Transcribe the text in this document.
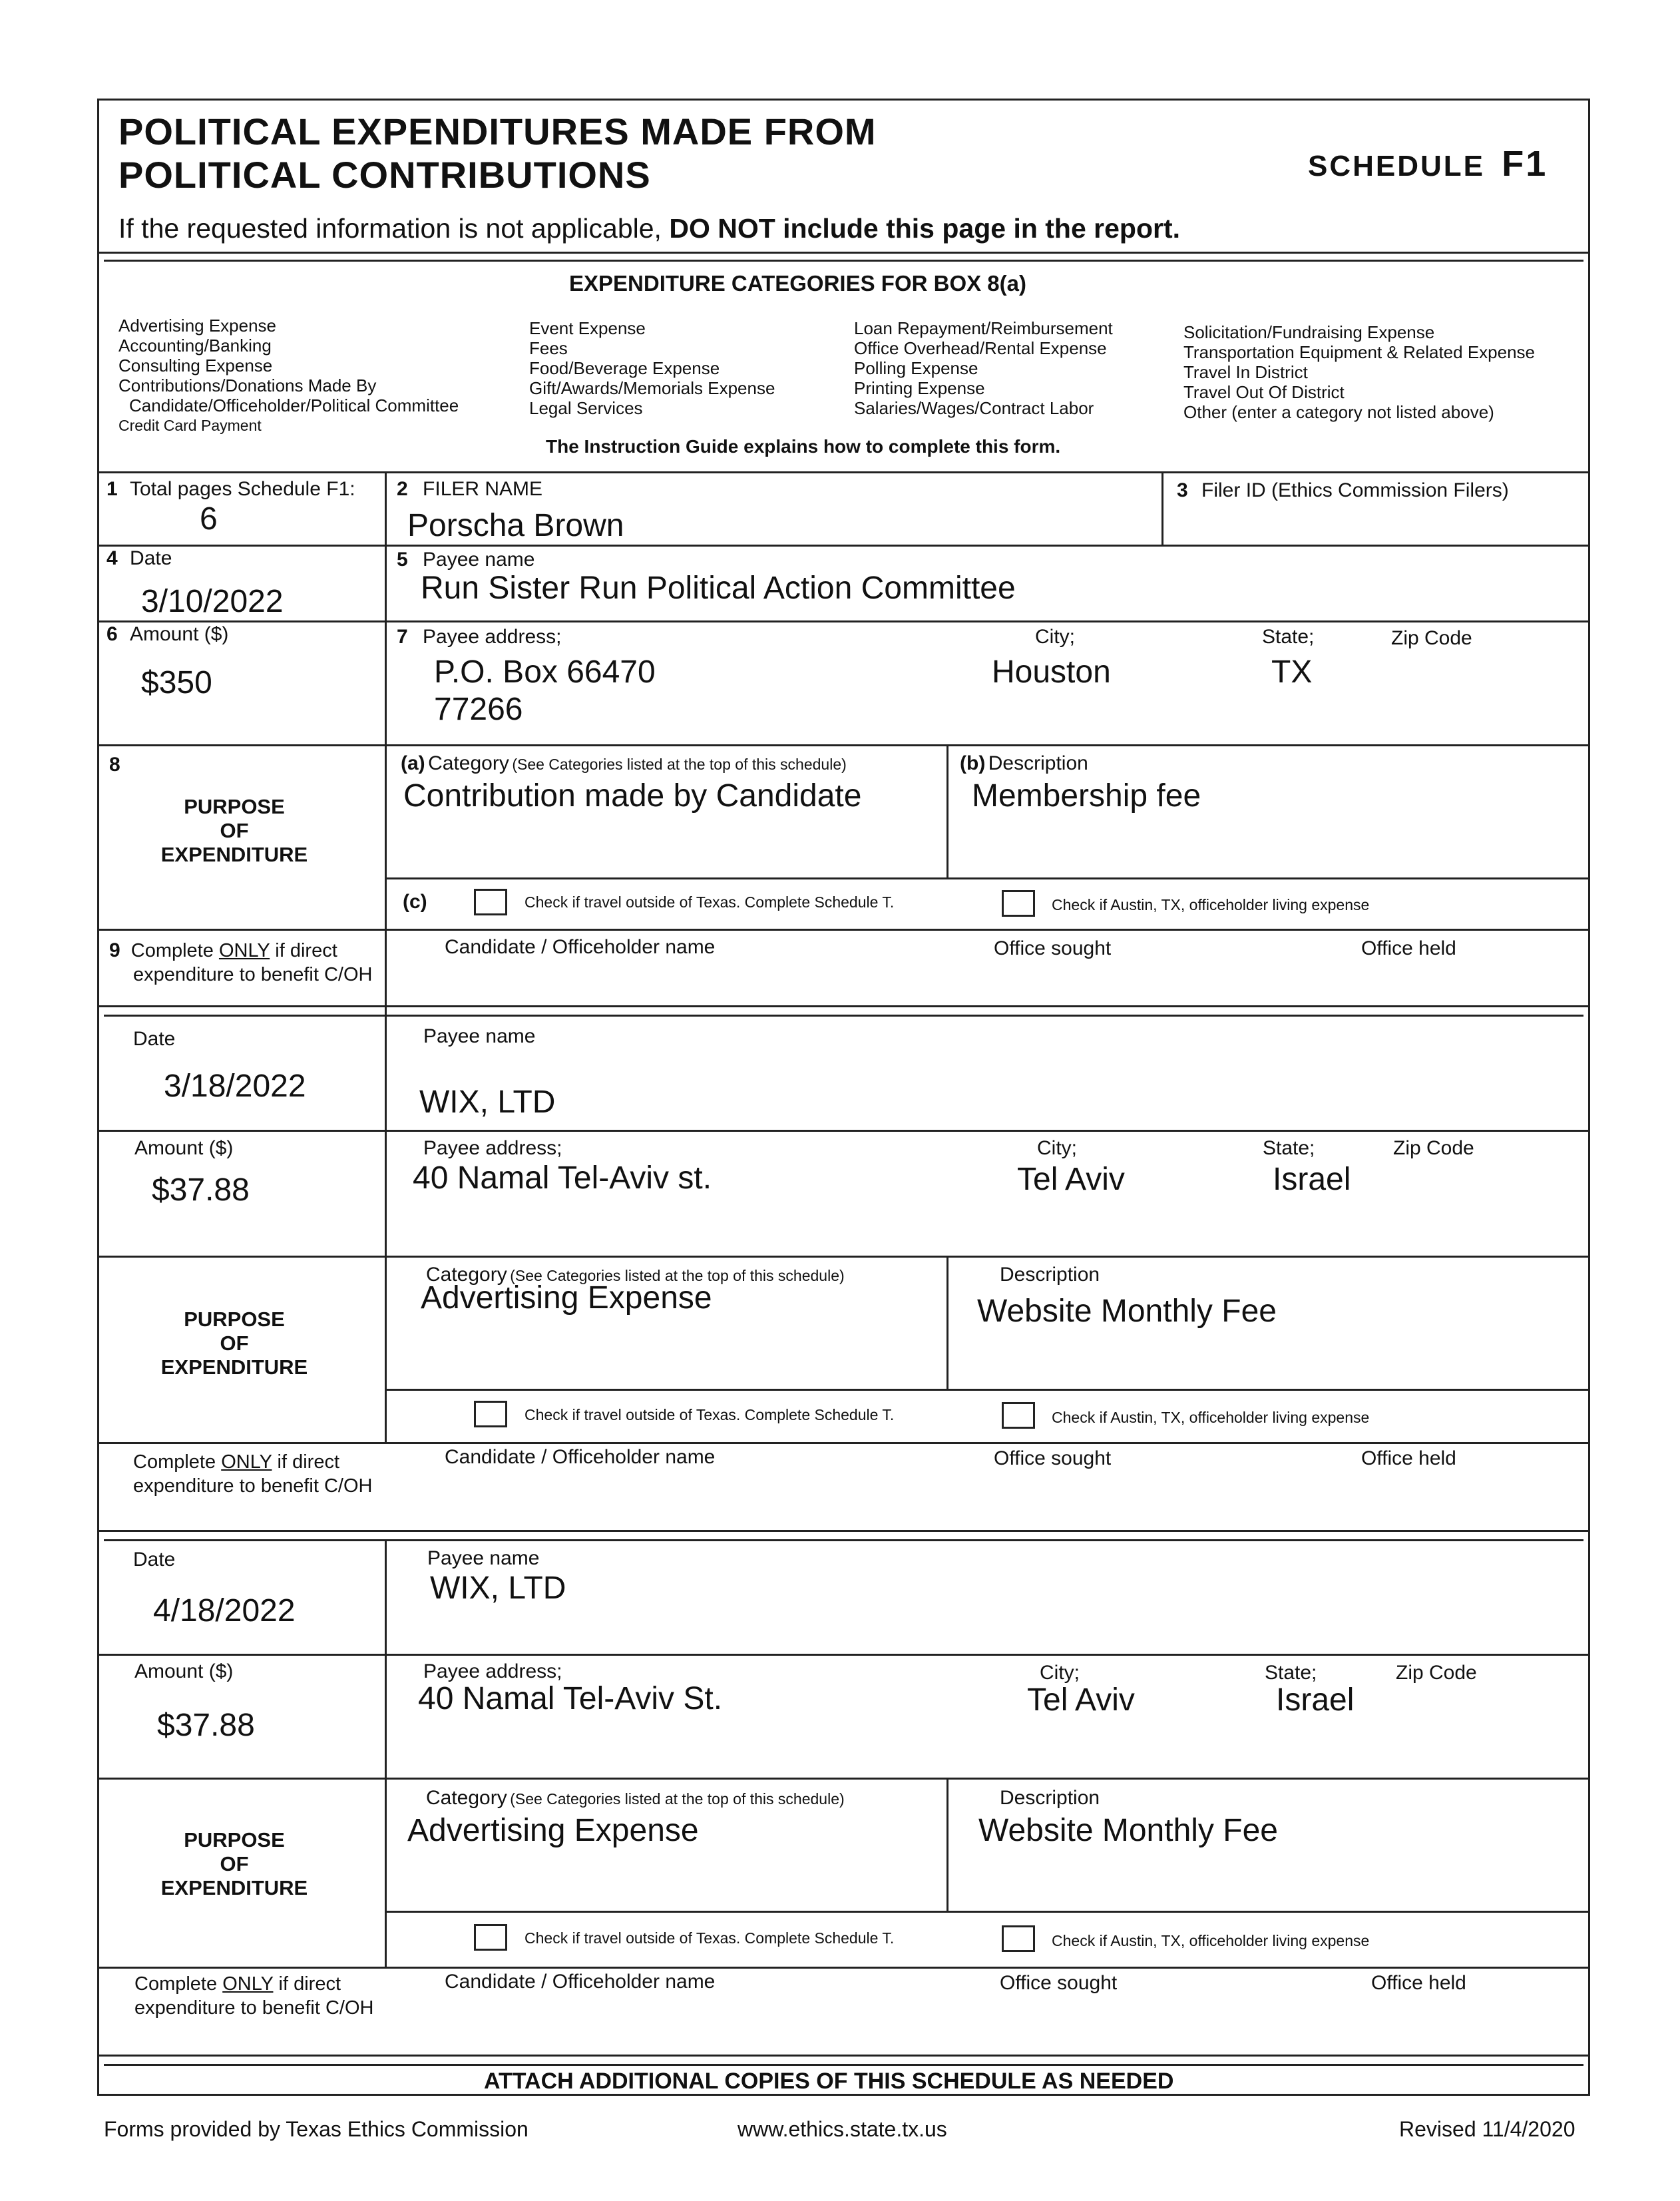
POLITICAL EXPENDITURES MADE FROM
POLITICAL CONTRIBUTIONS	SCHEDULE F1
If the requested information is not applicable, DO NOT include this page in the report.
EXPENDITURE CATEGORIES FOR BOX 8(a)
Advertising Expense
Accounting/Banking
Consulting Expense
Contributions/Donations Made By
Candidate/Officeholder/Political Committee
Credit Card Payment
Event Expense
Fees
Food/Beverage Expense
Gift/Awards/Memorials Expense
Legal Services
Loan Repayment/Reimbursement
Office Overhead/Rental Expense
Polling Expense
Printing Expense
Salaries/Wages/Contract Labor
Solicitation/Fundraising Expense
Transportation Equipment & Related Expense
Travel In District
Travel Out Of District
Other (enter a category not listed above)
The Instruction Guide explains how to complete this form.
1 Total pages Schedule F1:
6
2 FILER NAME
Porscha Brown
3 Filer ID (Ethics Commission Filers)
4 Date
3/10/2022
5 Payee name
Run Sister Run Political Action Committee
6 Amount ($)
$350
7 Payee address;
P.O. Box 66470
77266
City;
Houston
State;
TX
Zip Code
8
PURPOSE
OF
EXPENDITURE
(a) Category (See Categories listed at the top of this schedule)
Contribution made by Candidate
(b) Description
Membership fee
(c)	Check if travel outside of Texas. Complete Schedule T.	Check if Austin, TX, officeholder living expense
9 Complete ONLY if direct
expenditure to benefit C/OH
Candidate / Officeholder name	Office sought	Office held
Date
3/18/2022
Payee name
WIX, LTD
Amount ($)
$37.88
Payee address;
40 Namal Tel-Aviv st.
City;
Tel Aviv
State;
Israel
Zip Code
PURPOSE
OF
EXPENDITURE
Category (See Categories listed at the top of this schedule)
Advertising Expense
Description
Website Monthly Fee
Check if travel outside of Texas. Complete Schedule T.	Check if Austin, TX, officeholder living expense
Complete ONLY if direct
expenditure to benefit C/OH
Candidate / Officeholder name	Office sought	Office held
Date
4/18/2022
Payee name
WIX, LTD
Amount ($)
$37.88
Payee address;
40 Namal Tel-Aviv St.
City;
Tel Aviv
State;
Israel
Zip Code
PURPOSE
OF
EXPENDITURE
Category (See Categories listed at the top of this schedule)
Advertising Expense
Description
Website Monthly Fee
Check if travel outside of Texas. Complete Schedule T.	Check if Austin, TX, officeholder living expense
Complete ONLY if direct
expenditure to benefit C/OH
Candidate / Officeholder name	Office sought	Office held
ATTACH ADDITIONAL COPIES OF THIS SCHEDULE AS NEEDED
Forms provided by Texas Ethics Commission	www.ethics.state.tx.us	Revised 11/4/2020
